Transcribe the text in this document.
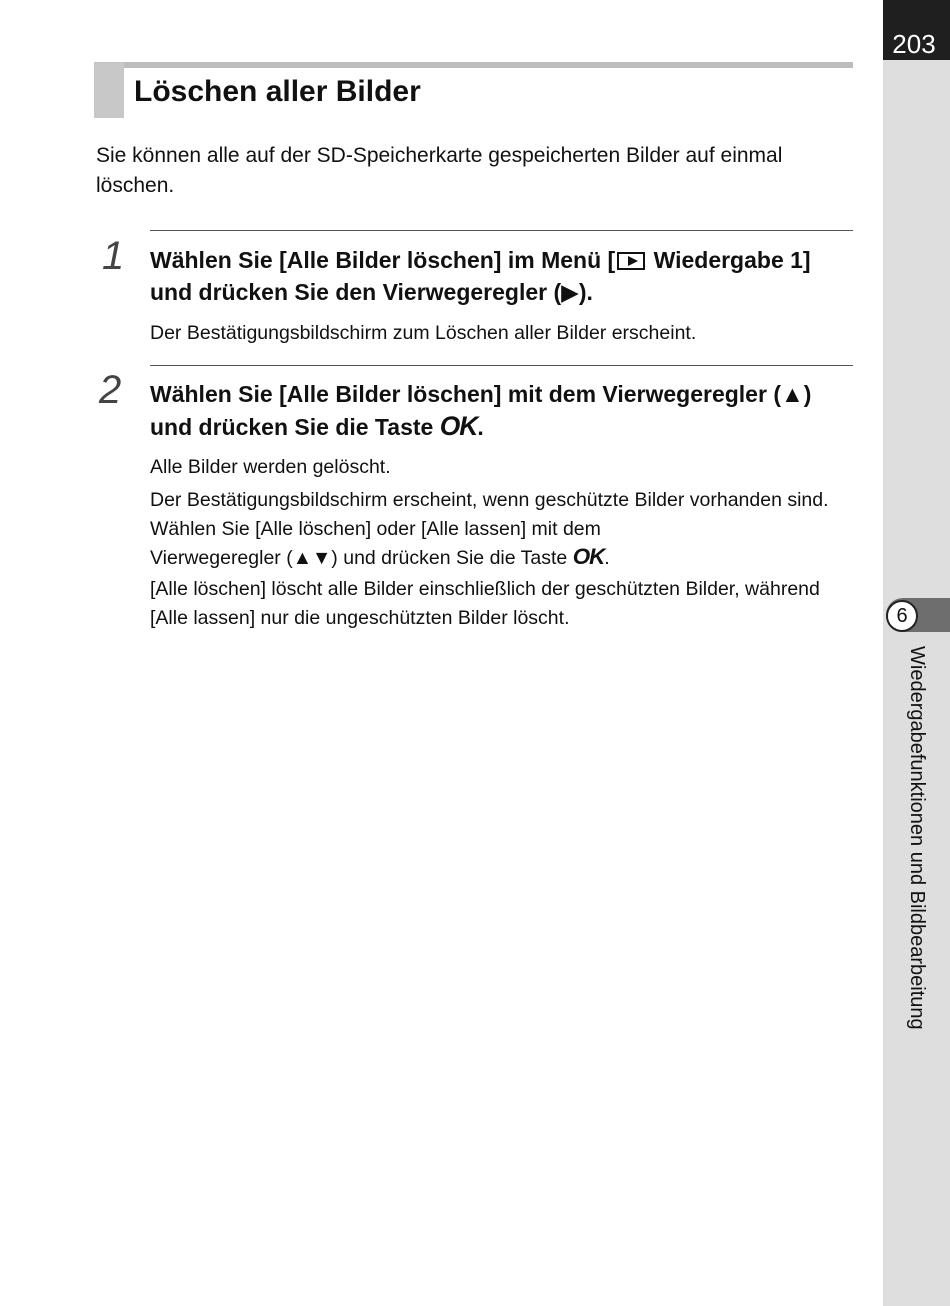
203
6
Wiedergabefunktionen und Bildbearbeitung
Löschen aller Bilder

Sie können alle auf der SD-Speicherkarte gespeicherten Bilder auf einmal löschen.

1 Wählen Sie [Alle Bilder löschen] im Menü [ Wiedergabe 1]
und drücken Sie den Vierwegeregler (▶).

Der Bestätigungsbildschirm zum Löschen aller Bilder erscheint.

2 Wählen Sie [Alle Bilder löschen] mit dem Vierwegeregler (▲)
und drücken Sie die Taste OK.

Alle Bilder werden gelöscht.

Der Bestätigungsbildschirm erscheint, wenn geschützte Bilder vorhanden sind. Wählen Sie [Alle löschen] oder [Alle lassen] mit dem
Vierwegeregler (▲▼) und drücken Sie die Taste OK.

[Alle löschen] löscht alle Bilder einschließlich der geschützten Bilder, während [Alle lassen] nur die ungeschützten Bilder löscht.
